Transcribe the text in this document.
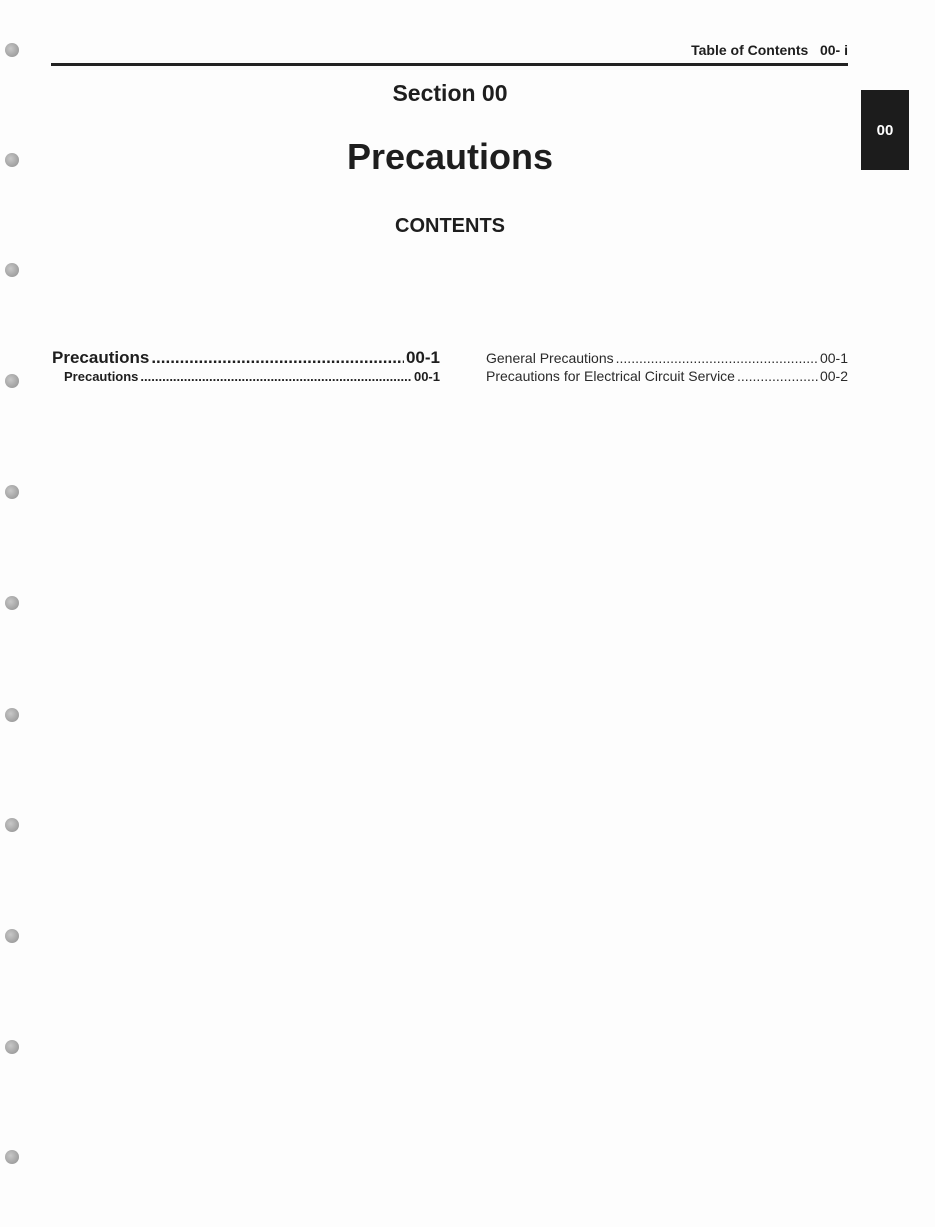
Table of Contents 00- i
00
Section 00
Precautions
CONTENTS
Precautions .....	00-1
Precautions .....	00-1
General Precautions .....	00-1
Precautions for Electrical Circuit Service .....	00-2
